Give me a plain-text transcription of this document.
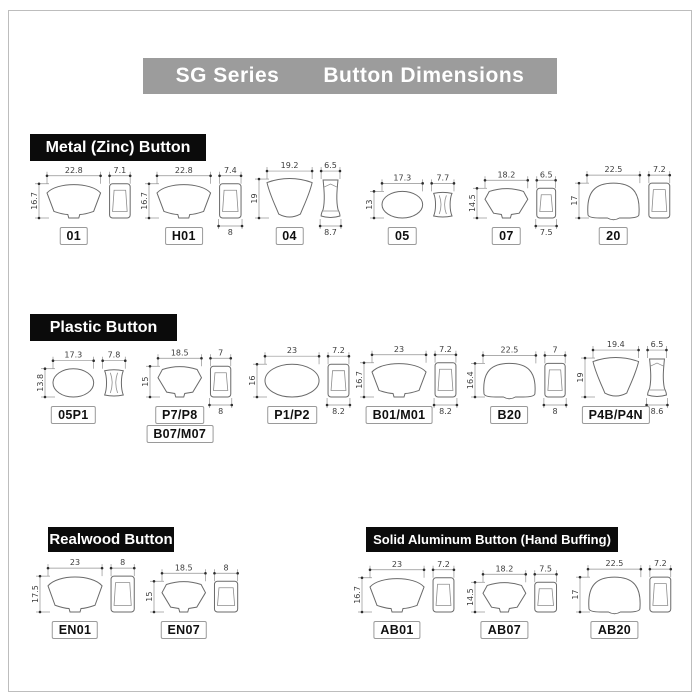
SG Series Button Dimensions
Metal (Zinc) Button
Plastic Button
Realwood Button	Solid Aluminum Button (Hand Buffing)
22.8
16.7
7.1
01
22.8
16.7
7.4
8
H01
19.2
19
6.5
8.7
04
17.3
13
7.7
05
18.2
14.5
6.5
7.5
07
22.5
17
7.2
20
17.3
13.8
7.8
05P1
18.5
15
7
8
P7/P8
B07/M07
23
16
7.2
8.2
P1/P2
23
16.7
7.2
8.2
B01/M01
22.5
16.4
7
8
B20
19.4
19
6.5
8.6
P4B/P4N
23
17.5
8
EN01
18.5
15
8
EN07
23
16.7
7.2
AB01
18.2
14.5
7.5
AB07
22.5
17
7.2
AB20
